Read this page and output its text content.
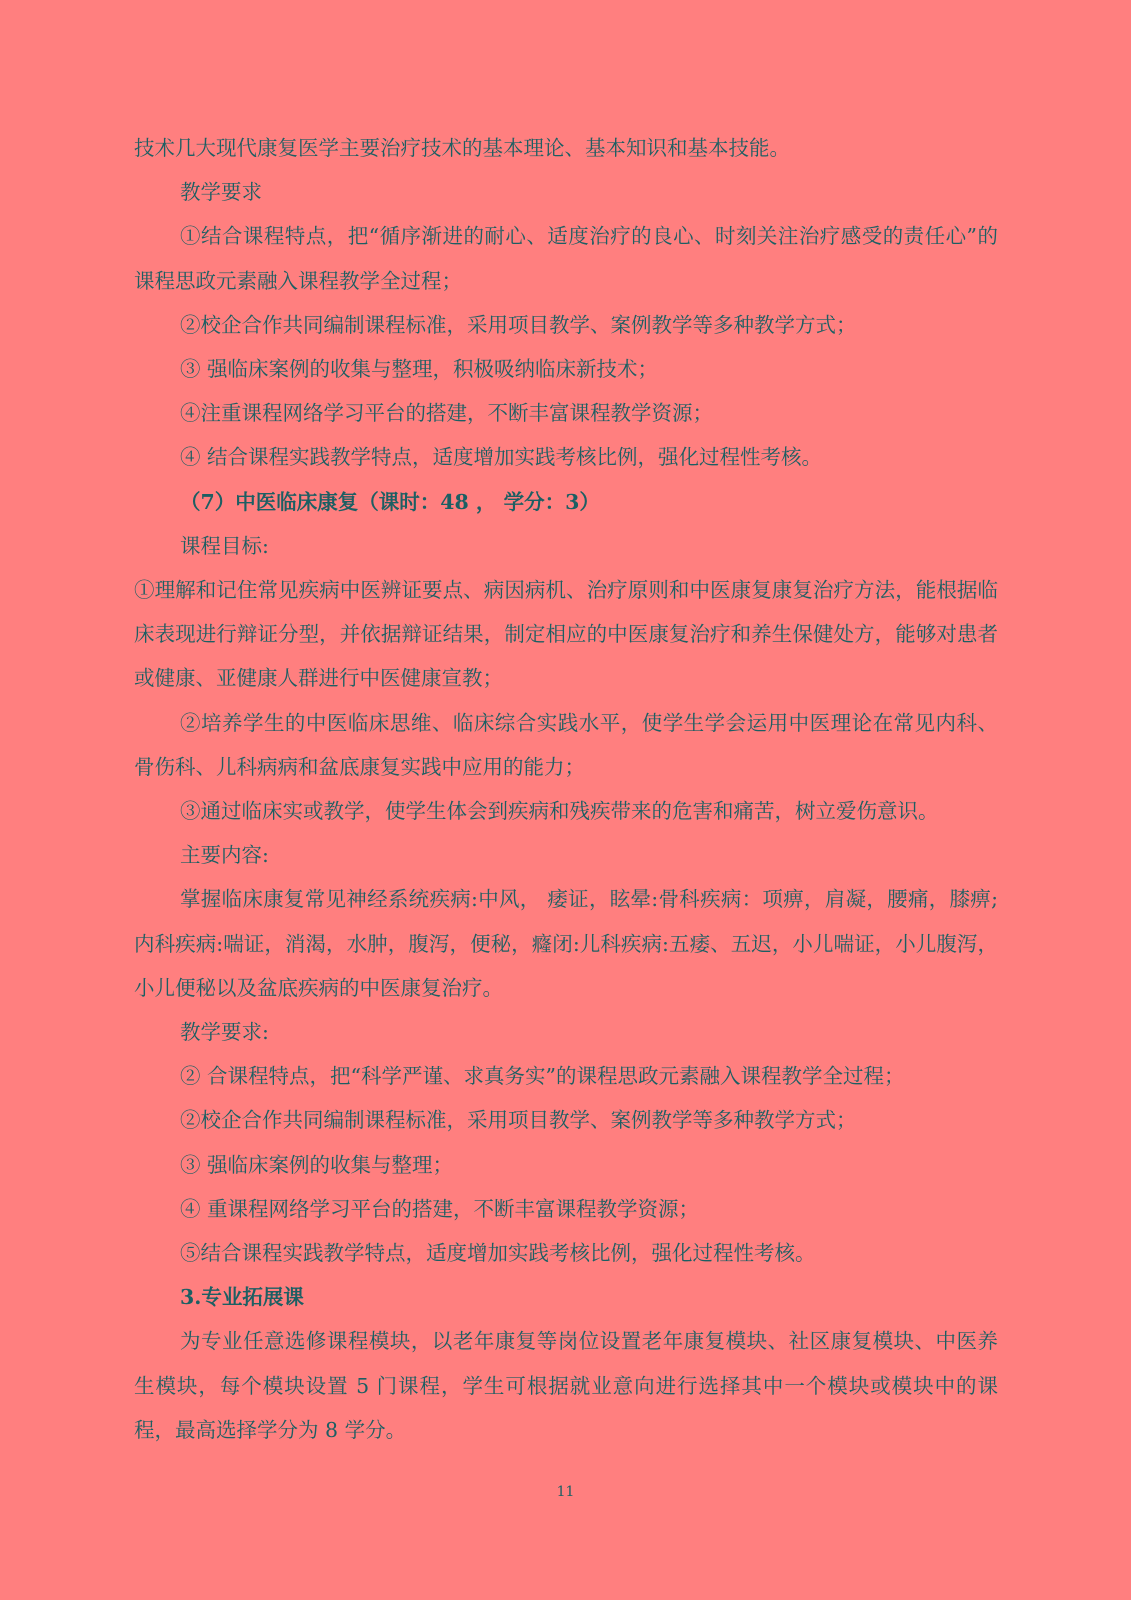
技术几大现代康复医学主要治疗技术的基本理论、基本知识和基本技能。

教学要求

①结合课程特点，把“循序渐进的耐心、适度治疗的良心、时刻关注治疗感受的责任心”的课程思政元素融入课程教学全过程；

②校企合作共同编制课程标准，采用项目教学、案例教学等多种教学方式；

③ 强临床案例的收集与整理，积极吸纳临床新技术；

④注重课程网络学习平台的搭建，不断丰富课程教学资源；

④ 结合课程实践教学特点，适度增加实践考核比例，强化过程性考核。

（7）中医临床康复（课时：48 ， 学分：3）

课程目标:

①理解和记住常见疾病中医辨证要点、病因病机、治疗原则和中医康复康复治疗方法，能根据临床表现进行辩证分型，并依据辩证结果，制定相应的中医康复治疗和养生保健处方，能够对患者或健康、亚健康人群进行中医健康宣教；

②培养学生的中医临床思维、临床综合实践水平，使学生学会运用中医理论在常见内科、骨伤科、儿科病病和盆底康复实践中应用的能力；

③通过临床实或教学，使学生体会到疾病和残疾带来的危害和痛苦，树立爱伤意识。

主要内容:

掌握临床康复常见神经系统疾病:中风， 痿证，眩晕:骨科疾病：项痹，肩凝，腰痛，膝痹;内科疾病:喘证，消渴，水肿，腹泻，便秘，癃闭:儿科疾病:五痿、五迟，小儿喘证，小儿腹泻，小儿便秘以及盆底疾病的中医康复治疗。

教学要求:

② 合课程特点，把“科学严谨、求真务实”的课程思政元素融入课程教学全过程；

②校企合作共同编制课程标准，采用项目教学、案例教学等多种教学方式；

③ 强临床案例的收集与整理；

④ 重课程网络学习平台的搭建，不断丰富课程教学资源；

⑤结合课程实践教学特点，适度增加实践考核比例，强化过程性考核。

3.专业拓展课

为专业任意选修课程模块，以老年康复等岗位设置老年康复模块、社区康复模块、中医养生模块，每个模块设置 5 门课程，学生可根据就业意向进行选择其中一个模块或模块中的课程，最高选择学分为 8 学分。

11
